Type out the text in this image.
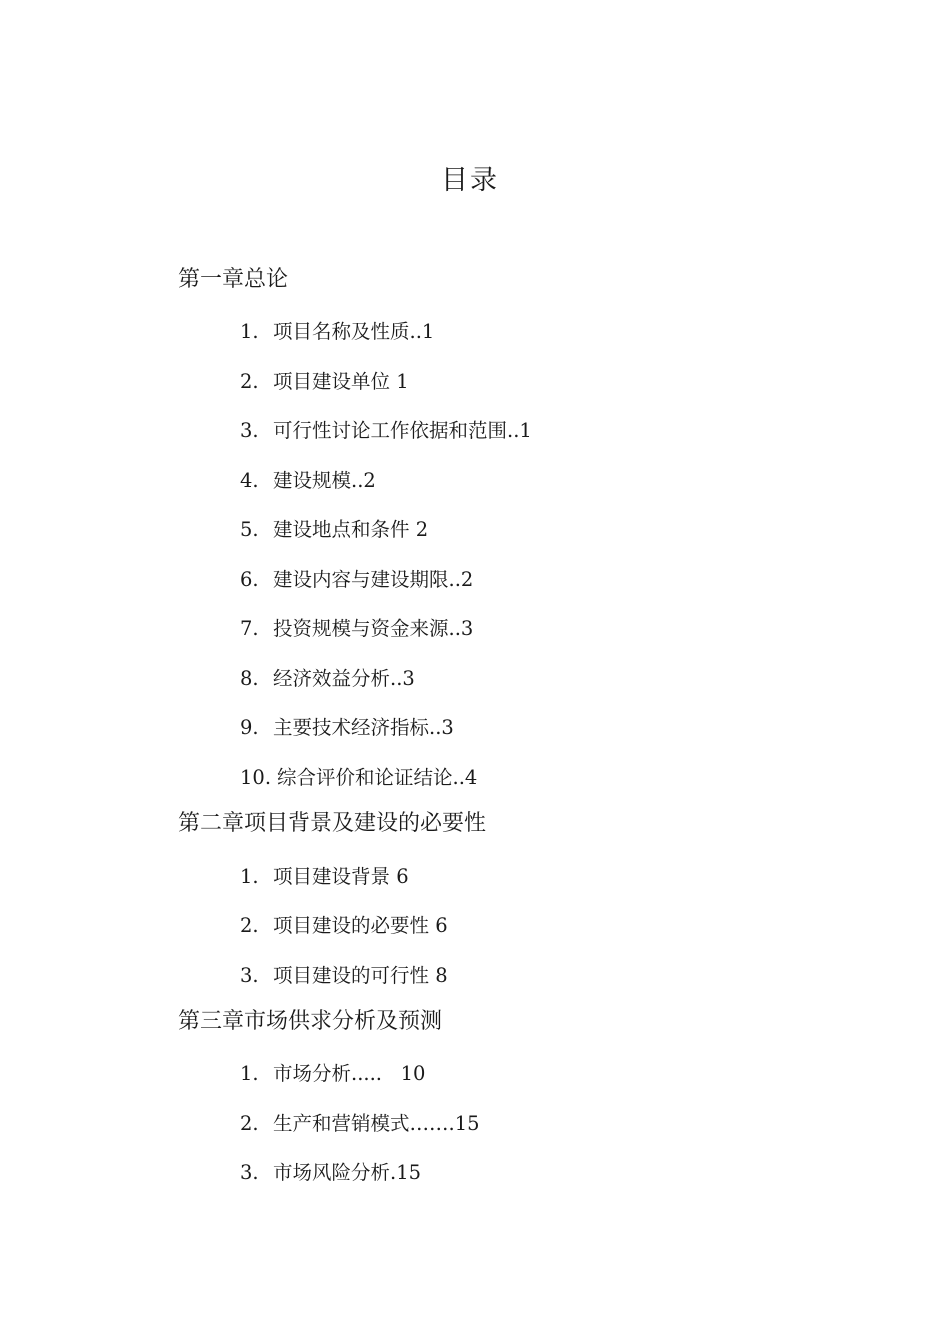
目录
第一章总论
1. 项目名称及性质..1
2. 项目建设单位 1
3. 可行性讨论工作依据和范围..1
4. 建设规模..2
5. 建设地点和条件 2
6. 建设内容与建设期限..2
7. 投资规模与资金来源..3
8. 经济效益分析..3
9. 主要技术经济指标..3
10. 综合评价和论证结论..4
第二章项目背景及建设的必要性
1. 项目建设背景 6
2. 项目建设的必要性 6
3. 项目建设的可行性 8
第三章市场供求分析及预测
1. 市场分析.....   10
2. 生产和营销模式…….15
3. 市场风险分析.15
